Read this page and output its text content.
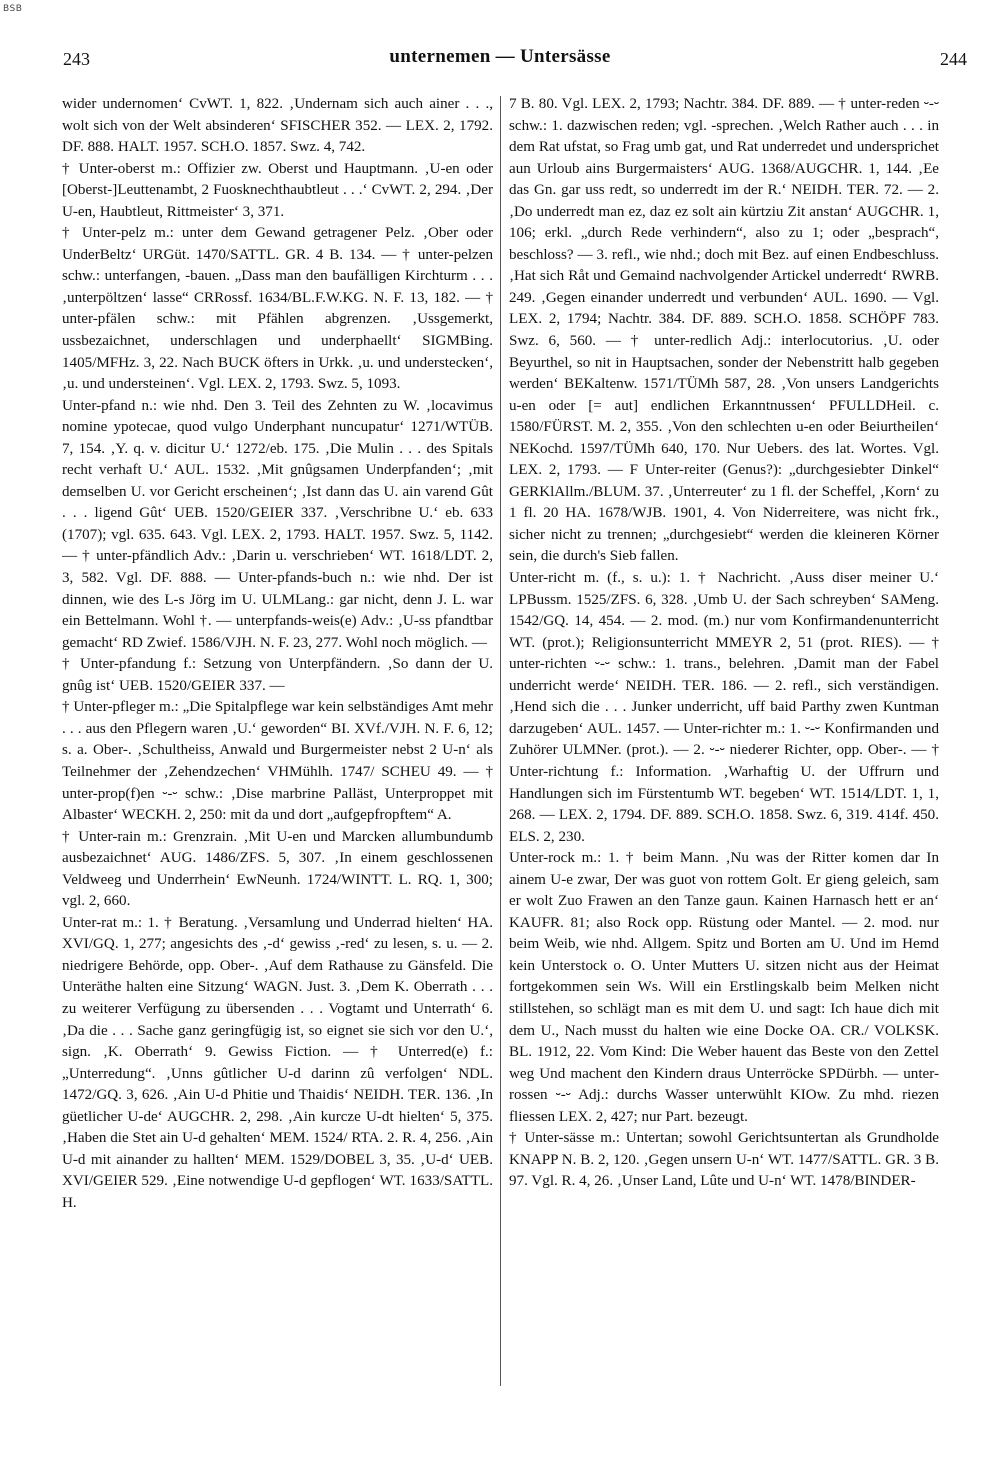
BSB
243	unternemen — Untersässe	244

wider undernomen‘ CvWT. 1, 822. ‚Undernam sich auch ainer . . ., wolt sich von der Welt absinderen‘ SFISCHER 352. — LEX. 2, 1792. DF. 888. HALT. 1957. SCH.O. 1857. Swz. 4, 742.

† Unter-oberst m.: Offizier zw. Oberst und Hauptmann. ‚U-en oder [Oberst-]Leuttenambt, 2 Fuosknechthaubtleut . . .‘ CvWT. 2, 294. ‚Der U-en, Haubtleut, Rittmeister‘ 3, 371.

† Unter-pelz m.: unter dem Gewand getragener Pelz. ‚Ober oder UnderBeltz‘ URGüt. 1470/SATTL. GR. 4 B. 134. — † unter-pelzen schw.: unterfangen, -bauen. „Dass man den baufälligen Kirchturm . . . ‚unterpöltzen‘ lasse“ CRRossf. 1634/BL.F.W.KG. N. F. 13, 182. — † unter-pfälen schw.: mit Pfählen abgrenzen. ‚Ussgemerkt, ussbezaichnet, underschlagen und underphaellt‘ SIGMBing. 1405/MFHz. 3, 22. Nach BUCK öfters in Urkk. ‚u. und understecken‘, ‚u. und understeinen‘. Vgl. LEX. 2, 1793. Swz. 5, 1093.

Unter-pfand n.: wie nhd. Den 3. Teil des Zehnten zu W. ‚locavimus nomine ypotecae, quod vulgo Underphant nuncupatur‘ 1271/WTÜB. 7, 154. ‚Y. q. v. dicitur U.‘ 1272/eb. 175. ‚Die Mulin . . . des Spitals recht verhaft U.‘ AUL. 1532. ‚Mit gnûgsamen Underpfanden‘; ‚mit demselben U. vor Gericht erscheinen‘; ‚Ist dann das U. ain varend Gût . . . ligend Gût‘ UEB. 1520/GEIER 337. ‚Verschribne U.‘ eb. 633 (1707); vgl. 635. 643. Vgl. LEX. 2, 1793. HALT. 1957. Swz. 5, 1142. — † unter-pfändlich Adv.: ‚Darin u. verschrieben‘ WT. 1618/LDT. 2, 3, 582. Vgl. DF. 888. — Unter-pfands-buch n.: wie nhd. Der ist dinnen, wie des L-s Jörg im U. ULMLang.: gar nicht, denn J. L. war ein Bettelmann. Wohl †. — unterpfands-weis(e) Adv.: ‚U-ss pfandtbar gemacht‘ RD Zwief. 1586/VJH. N. F. 23, 277. Wohl noch möglich. —

† Unter-pfandung f.: Setzung von Unterpfändern. ‚So dann der U. gnûg ist‘ UEB. 1520/GEIER 337. —

† Unter-pfleger m.: „Die Spitalpflege war kein selbständiges Amt mehr . . . aus den Pflegern waren ‚U.‘ geworden“ BI. XVf./VJH. N. F. 6, 12; s. a. Ober-. ‚Schultheiss, Anwald und Burgermeister nebst 2 U-n‘ als Teilnehmer der ‚Zehendzechen‘ VHMühlh. 1747/ SCHEU 49. — † unter-prop(f)en ⏑-⏑ schw.: ‚Dise marbrine Palläst, Unterproppet mit Albaster‘ WECKH. 2, 250: mit da und dort „aufgepfropftem“ A.

† Unter-rain m.: Grenzrain. ‚Mit U-en und Marcken allumbundumb ausbezaichnet‘ AUG. 1486/ZFS. 5, 307. ‚In einem geschlossenen Veldweeg und Underrhein‘ EwNeunh. 1724/WINTT. L. RQ. 1, 300; vgl. 2, 660.

Unter-rat m.: 1. † Beratung. ‚Versamlung und Underrad hielten‘ HA. XVI/GQ. 1, 277; angesichts des ‚-d‘ gewiss ‚-red‘ zu lesen, s. u. — 2. niedrigere Behörde, opp. Ober-. ‚Auf dem Rathause zu Gänsfeld. Die Unteräthe halten eine Sitzung‘ WAGN. Just. 3. ‚Dem K. Oberrath . . . zu weiterer Verfügung zu übersenden . . . Vogtamt und Unterrath‘ 6. ‚Da die . . . Sache ganz geringfügig ist, so eignet sie sich vor den U.‘, sign. ‚K. Oberrath‘ 9. Gewiss Fiction. — † Unterred(e) f.: „Unterredung“. ‚Unns gûtlicher U-d darinn zû verfolgen‘ NDL. 1472/GQ. 3, 626. ‚Ain U-d Phitie und Thaidis‘ NEIDH. TER. 136. ‚In güetlicher U-de‘ AUGCHR. 2, 298. ‚Ain kurcze U-dt hielten‘ 5, 375. ‚Haben die Stet ain U-d gehalten‘ MEM. 1524/ RTA. 2. R. 4, 256. ‚Ain U-d mit ainander zu hallten‘ MEM. 1529/DOBEL 3, 35. ‚U-d‘ UEB. XVI/GEIER 529. ‚Eine notwendige U-d gepflogen‘ WT. 1633/SATTL. H.

7 B. 80. Vgl. LEX. 2, 1793; Nachtr. 384. DF. 889. — † unter-reden ⏑-⏑ schw.: 1. dazwischen reden; vgl. -sprechen. ‚Welch Rather auch . . . in dem Rat ufstat, so Frag umb gat, und Rat underredet und undersprichet aun Urloub ains Burgermaisters‘ AUG. 1368/AUGCHR. 1, 144. ‚Ee das Gn. gar uss redt, so underredt im der R.‘ NEIDH. TER. 72. — 2. ‚Do underredt man ez, daz ez solt ain kürtziu Zit anstan‘ AUGCHR. 1, 106; erkl. „durch Rede verhindern“, also zu 1; oder „besprach“, beschloss? — 3. refl., wie nhd.; doch mit Bez. auf einen Endbeschluss. ‚Hat sich Råt und Gemaind nachvolgender Artickel underredt‘ RWRB. 249. ‚Gegen einander underredt und verbunden‘ AUL. 1690. — Vgl. LEX. 2, 1794; Nachtr. 384. DF. 889. SCH.O. 1858. SCHÖPF 783. Swz. 6, 560. — † unter-redlich Adj.: interlocutorius. ‚U. oder Beyurthel, so nit in Hauptsachen, sonder der Nebenstritt halb gegeben werden‘ BEKaltenw. 1571/TÜMh 587, 28. ‚Von unsers Landgerichts u-en oder [= aut] endlichen Erkanntnussen‘ PFULLDHeil. c. 1580/FÜRST. M. 2, 355. ‚Von den schlechten u-en oder Beiurtheilen‘ NEKochd. 1597/TÜMh 640, 170. Nur Uebers. des lat. Wortes. Vgl. LEX. 2, 1793. — F Unter-reiter (Genus?): „durchgesiebter Dinkel“ GERKlAllm./BLUM. 37. ‚Unterreuter‘ zu 1 fl. der Scheffel, ‚Korn‘ zu 1 fl. 20 HA. 1678/WJB. 1901, 4. Von Niderreitere, was nicht frk., sicher nicht zu trennen; „durchgesiebt“ werden die kleineren Körner sein, die durch's Sieb fallen.

Unter-richt m. (f., s. u.): 1. † Nachricht. ‚Auss diser meiner U.‘ LPBussm. 1525/ZFS. 6, 328. ‚Umb U. der Sach schreyben‘ SAMeng. 1542/GQ. 14, 454. — 2. mod. (m.) nur vom Konfirmandenunterricht WT. (prot.); Religionsunterricht MMEYR 2, 51 (prot. RIES). — † unter-richten ⏑-⏑ schw.: 1. trans., belehren. ‚Damit man der Fabel underricht werde‘ NEIDH. TER. 186. — 2. refl., sich verständigen. ‚Hend sich die . . . Junker underricht, uff baid Parthy zwen Kuntman darzugeben‘ AUL. 1457. — Unter-richter m.: 1. ⏑-⏑ Konfirmanden und Zuhörer ULMNer. (prot.). — 2. ⏑-⏑ niederer Richter, opp. Ober-. — † Unter-richtung f.: Information. ‚Warhaftig U. der Uffrurn und Handlungen sich im Fürstentumb WT. begeben‘ WT. 1514/LDT. 1, 1, 268. — LEX. 2, 1794. DF. 889. SCH.O. 1858. Swz. 6, 319. 414f. 450. ELS. 2, 230.

Unter-rock m.: 1. † beim Mann. ‚Nu was der Ritter komen dar In ainem U-e zwar, Der was guot von rottem Golt. Er gieng geleich, sam er wolt Zuo Frawen an den Tanze gaun. Kainen Harnasch hett er an‘ KAUFR. 81; also Rock opp. Rüstung oder Mantel. — 2. mod. nur beim Weib, wie nhd. Allgem. Spitz und Borten am U. Und im Hemd kein Unterstock o. O. Unter Mutters U. sitzen nicht aus der Heimat fortgekommen sein Ws. Will ein Erstlingskalb beim Melken nicht stillstehen, so schlägt man es mit dem U. und sagt: Ich haue dich mit dem U., Nach musst du halten wie eine Docke OA. CR./ VOLKSK. BL. 1912, 22. Vom Kind: Die Weber hauent das Beste von den Zettel weg Und machent den Kindern draus Unterröcke SPDürbh. — unter-rossen ⏑-⏑ Adj.: durchs Wasser unterwühlt KIOw. Zu mhd. riezen fliessen LEX. 2, 427; nur Part. bezeugt.

† Unter-sässe m.: Untertan; sowohl Gerichtsuntertan als Grundholde KNAPP N. B. 2, 120. ‚Gegen unsern U-n‘ WT. 1477/SATTL. GR. 3 B. 97. Vgl. R. 4, 26. ‚Unser Land, Lûte und U-n‘ WT. 1478/BINDER-
